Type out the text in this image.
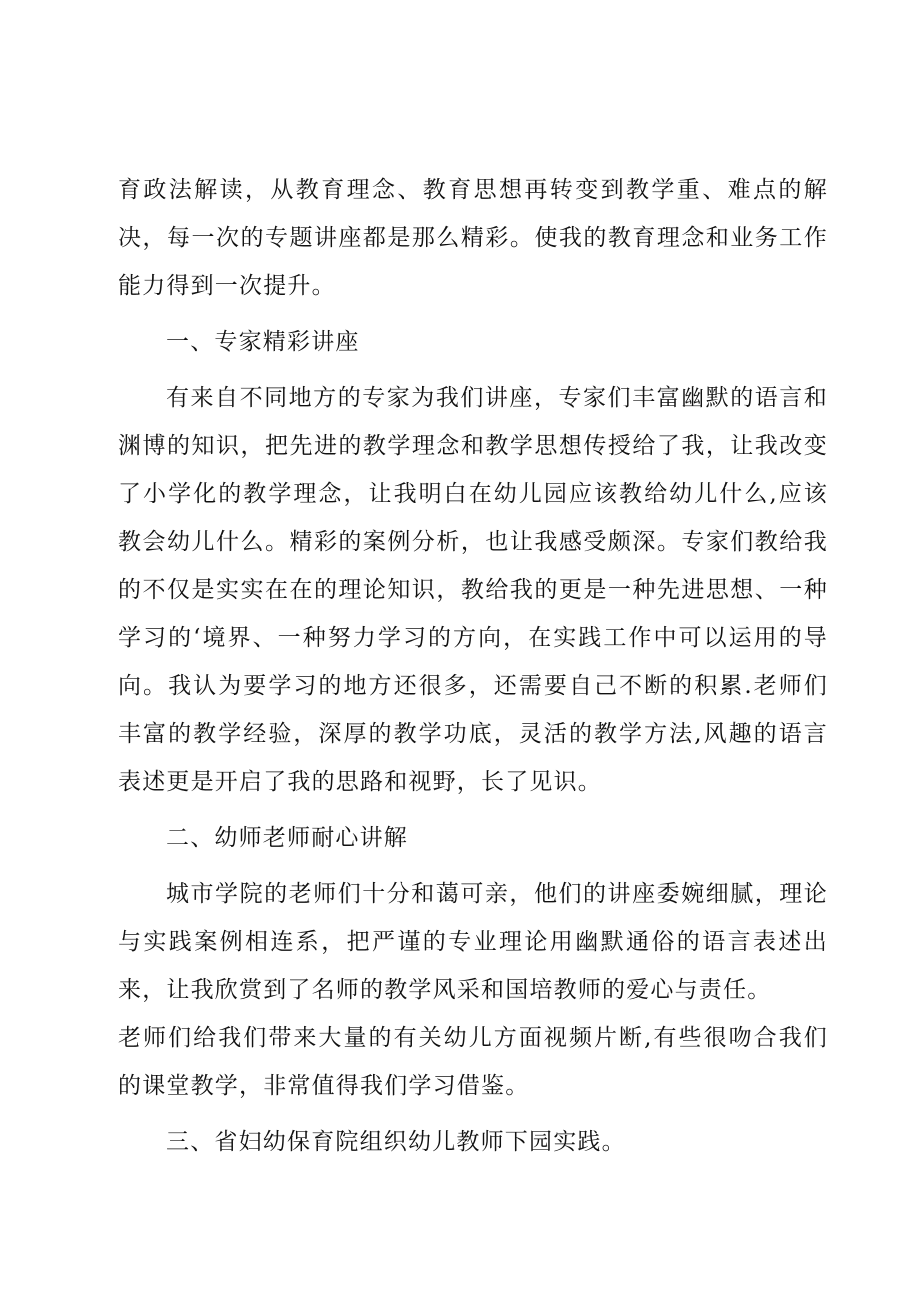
育政法解读，从教育理念、教育思想再转变到教学重、难点的解决，每一次的专题讲座都是那么精彩。使我的教育理念和业务工作能力得到一次提升。

一、专家精彩讲座

有来自不同地方的专家为我们讲座，专家们丰富幽默的语言和渊博的知识，把先进的教学理念和教学思想传授给了我，让我改变了小学化的教学理念，让我明白在幼儿园应该教给幼儿什么,应该教会幼儿什么。精彩的案例分析，也让我感受颇深。专家们教给我的不仅是实实在在的理论知识，教给我的更是一种先进思想、一种学习的‘境界、一种努力学习的方向，在实践工作中可以运用的导向。我认为要学习的地方还很多，还需要自己不断的积累.老师们丰富的教学经验，深厚的教学功底，灵活的教学方法,风趣的语言表述更是开启了我的思路和视野，长了见识。

二、幼师老师耐心讲解

城市学院的老师们十分和蔼可亲，他们的讲座委婉细腻，理论与实践案例相连系，把严谨的专业理论用幽默通俗的语言表述出来，让我欣赏到了名师的教学风采和国培教师的爱心与责任。

老师们给我们带来大量的有关幼儿方面视频片断,有些很吻合我们的课堂教学，非常值得我们学习借鉴。

三、省妇幼保育院组织幼儿教师下园实践。
